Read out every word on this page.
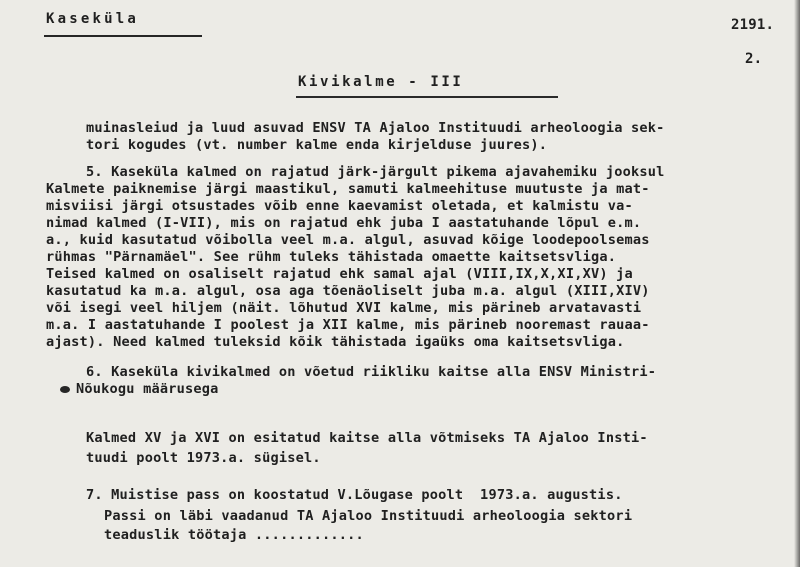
Kaseküla	2191.
2.
Kivikalme - III
muinasleiud ja luud asuvad ENSV TA Ajaloo Instituudi arheoloogia sek-
tori kogudes (vt. number kalme enda kirjelduse juures).
5. Kaseküla kalmed on rajatud järk-järgult pikema ajavahemiku jooksul
Kalmete paiknemise järgi maastikul, samuti kalmeehituse muutuste ja mat-
misviisi järgi otsustades võib enne kaevamist oletada, et kalmistu va-
nimad kalmed (I-VII), mis on rajatud ehk juba I aastatuhande lõpul e.m.
a., kuid kasutatud võibolla veel m.a. algul, asuvad kõige loodepoolsemas
rühmas "Pärnamäel". See rühm tuleks tähistada omaette kaitsetsvliga.
Teised kalmed on osaliselt rajatud ehk samal ajal (VIII,IX,X,XI,XV) ja
kasutatud ka m.a. algul, osa aga tõenäoliselt juba m.a. algul (XIII,XIV)
või isegi veel hiljem (näit. lõhutud XVI kalme, mis pärineb arvatavasti
m.a. I aastatuhande I poolest ja XII kalme, mis pärineb nooremast rauaa-
ajast). Need kalmed tuleksid kõik tähistada igaüks oma kaitsetsvliga.
6. Kaseküla kivikalmed on võetud riikliku kaitse alla ENSV Ministri-
Nõukogu määrusega
Kalmed XV ja XVI on esitatud kaitse alla võtmiseks TA Ajaloo Insti-
tuudi poolt 1973.a. sügisel.
7. Muistise pass on koostatud V.Lõugase poolt  1973.a. augustis.
Passi on läbi vaadanud TA Ajaloo Instituudi arheoloogia sektori
teaduslik töötaja .............
